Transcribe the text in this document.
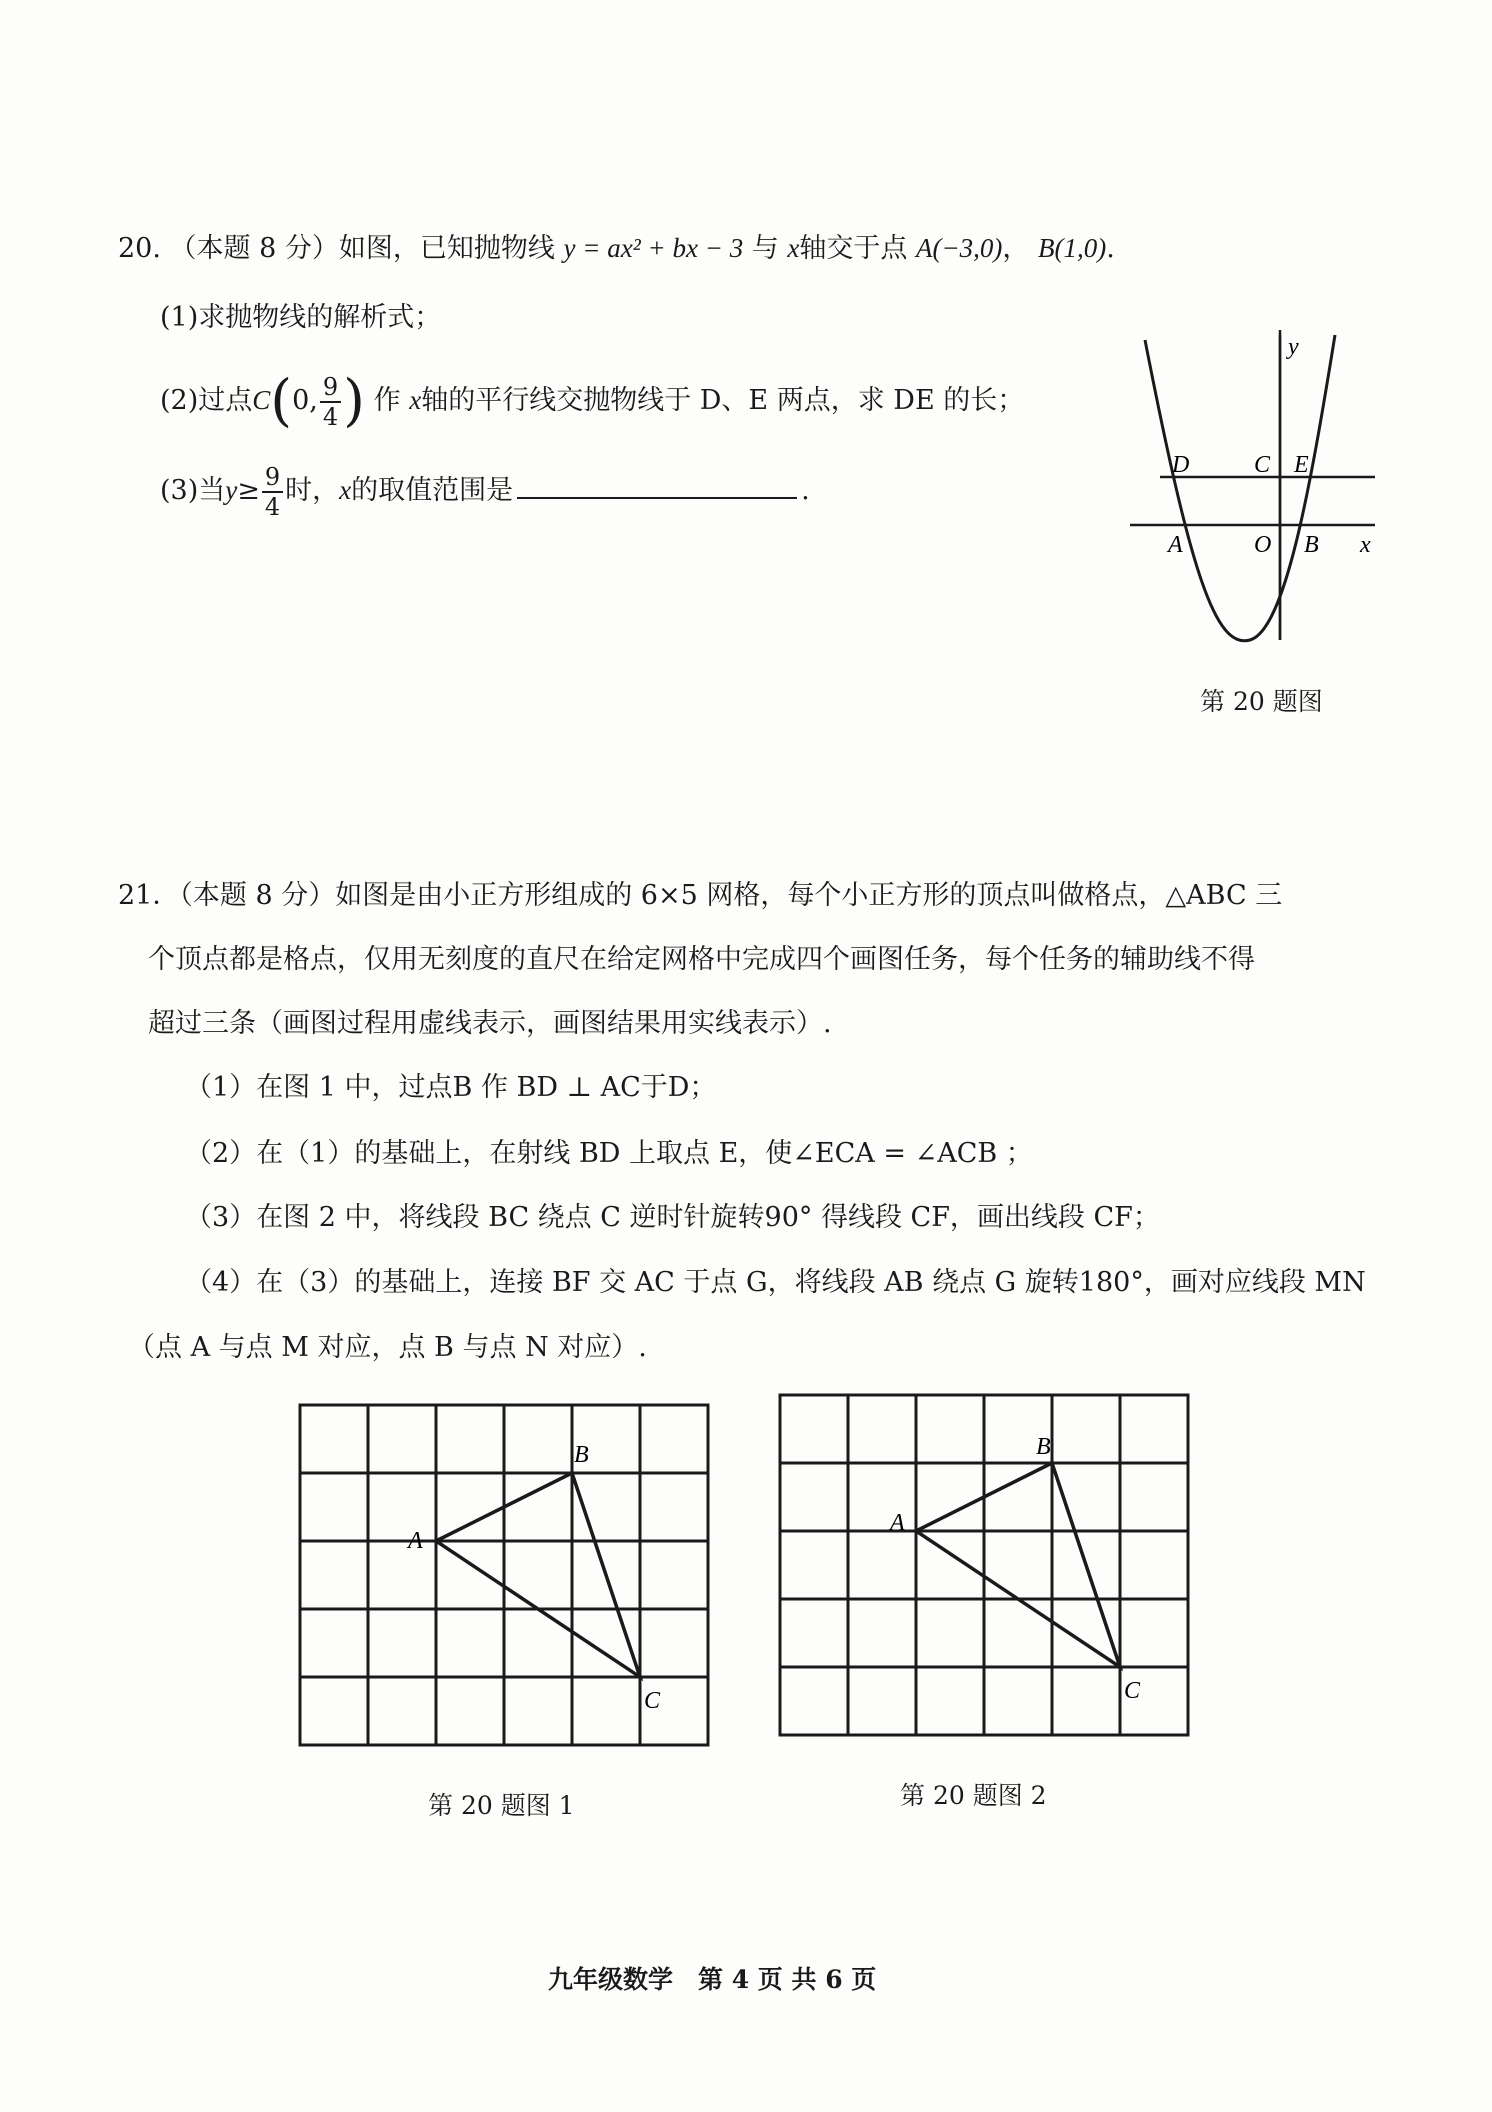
20. （本题 8 分）如图，已知抛物线 y = ax² + bx − 3 与 x轴交于点 A(−3,0)， B(1,0).
(1)求抛物线的解析式；
(2)过点C(0, $\frac{9}{4}$ ) 作 x轴的平行线交抛物线于 D、E 两点，求 DE 的长；
(3)当$y\ge \frac{9}{4}$ 时，x的取值范围是	.
y
x
D	C E
A	O B
第 20 题图
21．（本题 8 分）如图是由小正方形组成的 6×5 网格，每个小正方形的顶点叫做格点，△ABC 三
个顶点都是格点，仅用无刻度的直尺在给定网格中完成四个画图任务，每个任务的辅助线不得
超过三条（画图过程用虚线表示，画图结果用实线表示）.
（1）在图 1 中，过点B 作 BD ⊥ AC于D；
（2）在（1）的基础上，在射线 BD 上取点 E，使∠ECA = ∠ACB ；
（3）在图 2 中，将线段 BC 绕点 C 逆时针旋转90° 得线段 CF，画出线段 CF；
（4）在（3）的基础上，连接 BF 交 AC 于点 G，将线段 AB 绕点 G 旋转180°，画对应线段 MN
（点 A 与点 M 对应，点 B 与点 N 对应）.
A
B
C
第 20 题图 1
A
B
C
第 20 题图 2
九年级数学　第 4 页 共 6 页
